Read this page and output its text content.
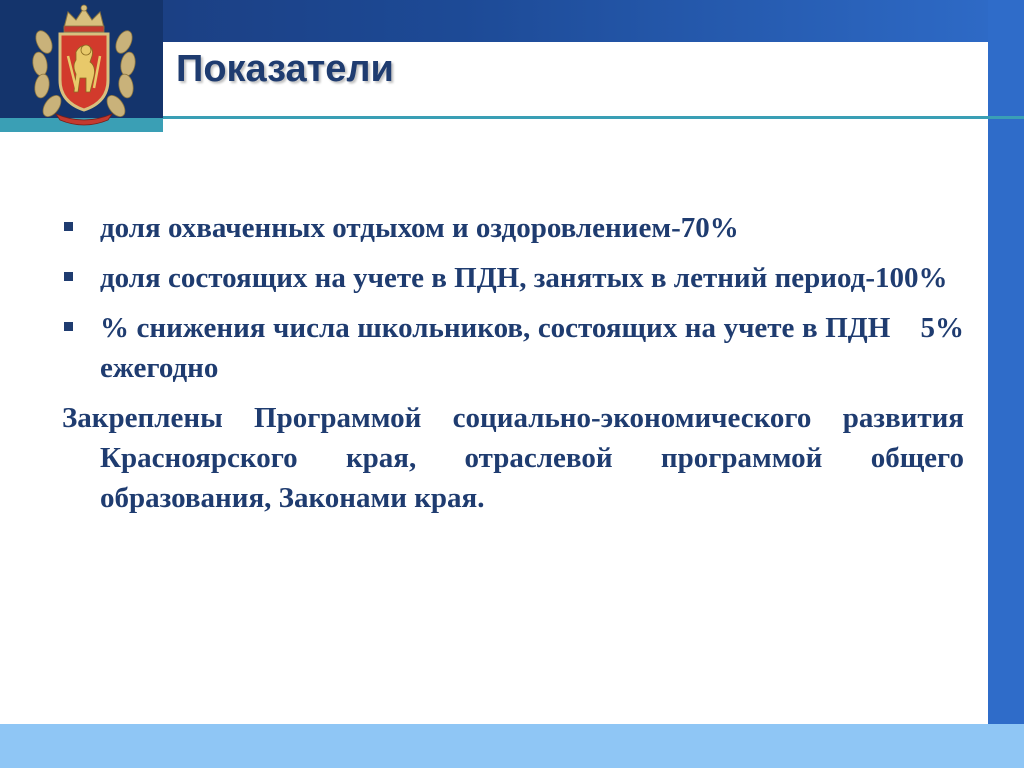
Показатели
доля охваченных отдыхом и оздоровлением-70%
доля состоящих на учете в ПДН, занятых в летний период-100%
% снижения числа школьников, состоящих на учете в ПДН    5% ежегодно
Закреплены Программой социально-экономического развития Красноярского края, отраслевой программой общего образования, Законами края.
